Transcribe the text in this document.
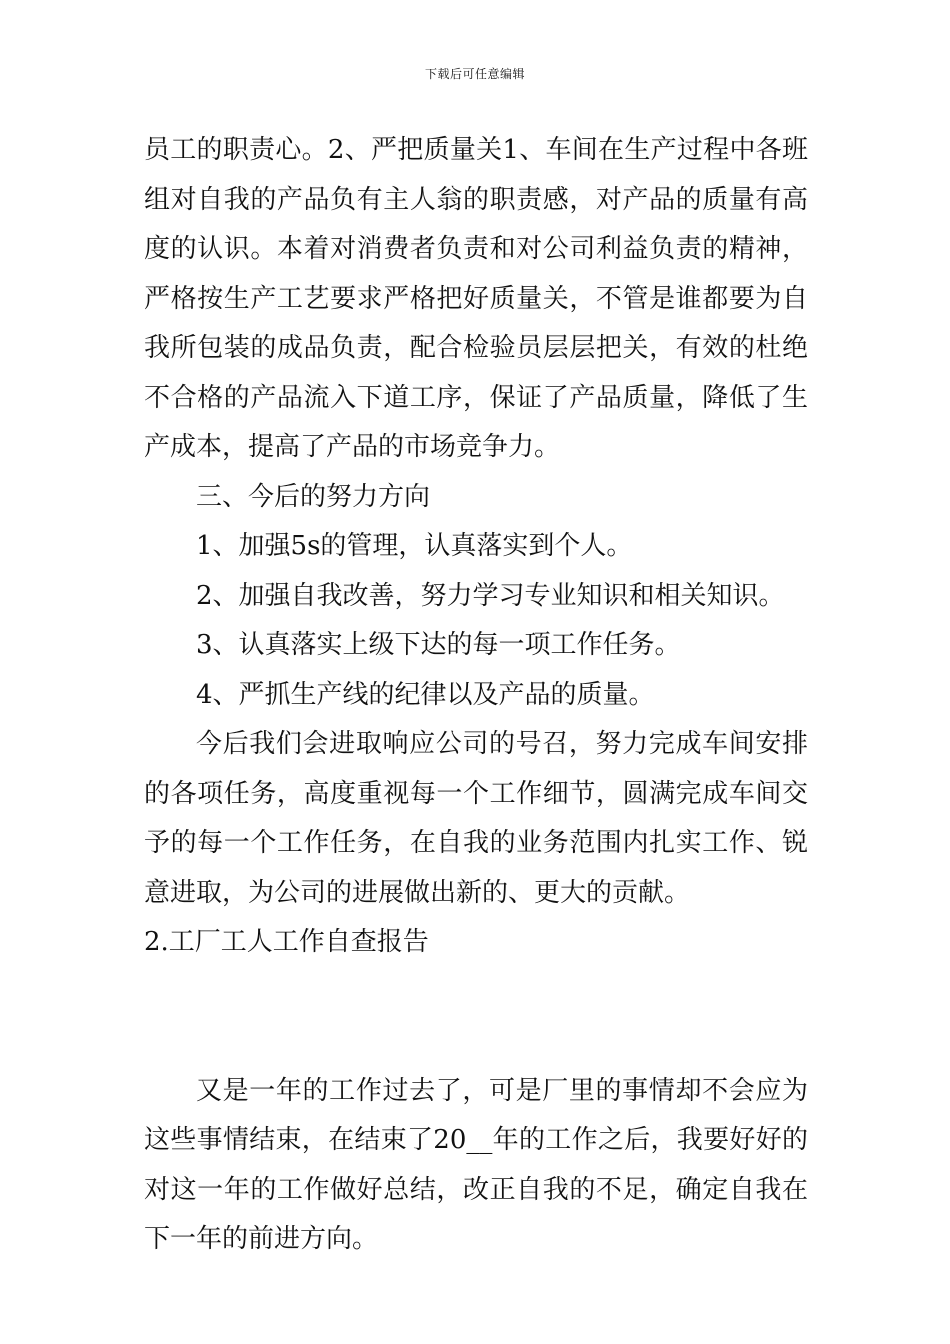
下载后可任意编辑
员工的职责心。2、严把质量关1、车间在生产过程中各班
组对自我的产品负有主人翁的职责感，对产品的质量有高
度的认识。本着对消费者负责和对公司利益负责的精神，
严格按生产工艺要求严格把好质量关，不管是谁都要为自
我所包装的成品负责，配合检验员层层把关，有效的杜绝
不合格的产品流入下道工序，保证了产品质量，降低了生
产成本，提高了产品的市场竞争力。
三、今后的努力方向
1、加强5s的管理，认真落实到个人。
2、加强自我改善，努力学习专业知识和相关知识。
3、认真落实上级下达的每一项工作任务。
4、严抓生产线的纪律以及产品的质量。
今后我们会进取响应公司的号召，努力完成车间安排
的各项任务，高度重视每一个工作细节，圆满完成车间交
予的每一个工作任务，在自我的业务范围内扎实工作、锐
意进取，为公司的进展做出新的、更大的贡献。
2.工厂工人工作自查报告
又是一年的工作过去了，可是厂里的事情却不会应为
这些事情结束，在结束了20__年的工作之后，我要好好的
对这一年的工作做好总结，改正自我的不足，确定自我在
下一年的前进方向。
